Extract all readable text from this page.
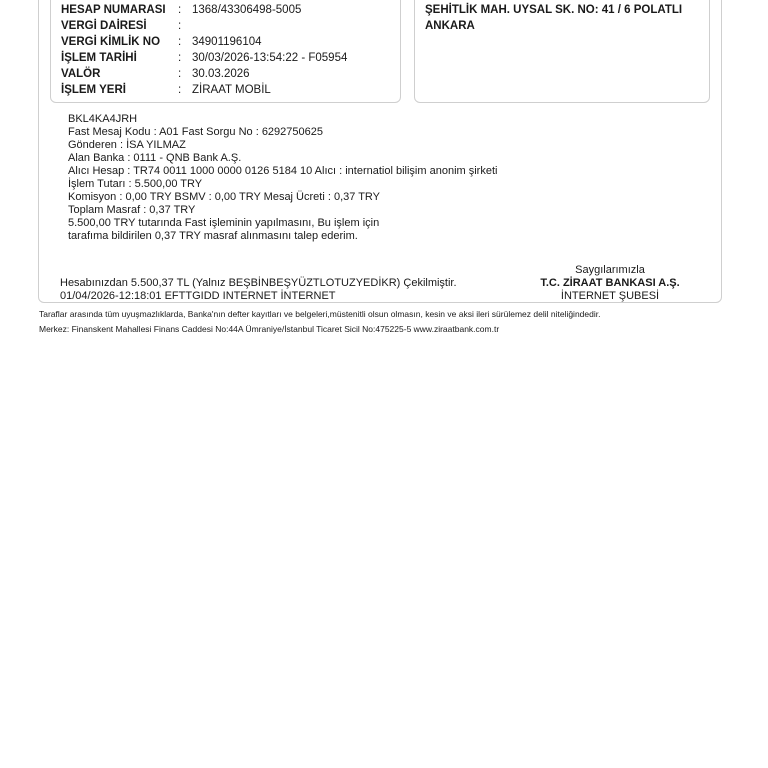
HESAP NUMARASI : 1368/43306498-5005
VERGİ DAİRESİ	:
VERGİ KİMLİK NO : 34901196104
İŞLEM TARİHİ	: 30/03/2026-13:54:22 - F05954
VALÖR	: 30.03.2026
İŞLEM YERİ	: ZİRAAT MOBİL
ŞEHİTLİK MAH. UYSAL SK. NO: 41 / 6 POLATLI
ANKARA
BKL4KA4JRH
Fast Mesaj Kodu : A01 Fast Sorgu No : 6292750625
Gönderen : İSA YILMAZ
Alan Banka : 0111 - QNB Bank A.Ş.
Alıcı Hesap : TR74 0011 1000 0000 0126 5184 10 Alıcı : internatiol bilişim anonim şirketi
İşlem Tutarı : 5.500,00 TRY
Komisyon : 0,00 TRY BSMV : 0,00 TRY Mesaj Ücreti : 0,37 TRY
Toplam Masraf : 0,37 TRY
5.500,00 TRY tutarında Fast işleminin yapılmasını, Bu işlem için
tarafıma bildirilen 0,37 TRY masraf alınmasını talep ederim.
Hesabınızdan 5.500,37 TL (Yalnız BEŞBİNBEŞYÜZTLOTUZYEDİKR) Çekilmiştir.
01/04/2026-12:18:01 EFTTGIDD INTERNET İNTERNET
Saygılarımızla
T.C. ZİRAAT BANKASI A.Ş.
İNTERNET ŞUBESİ
Taraflar arasında tüm uyuşmazlıklarda, Banka'nın defter kayıtları ve belgeleri,müstenitli olsun olmasın, kesin ve aksi ileri sürülemez delil niteliğindedir.
Merkez: Finanskent Mahallesi Finans Caddesi No:44A Ümraniye/İstanbul Ticaret Sicil No:475225-5 www.ziraatbank.com.tr
